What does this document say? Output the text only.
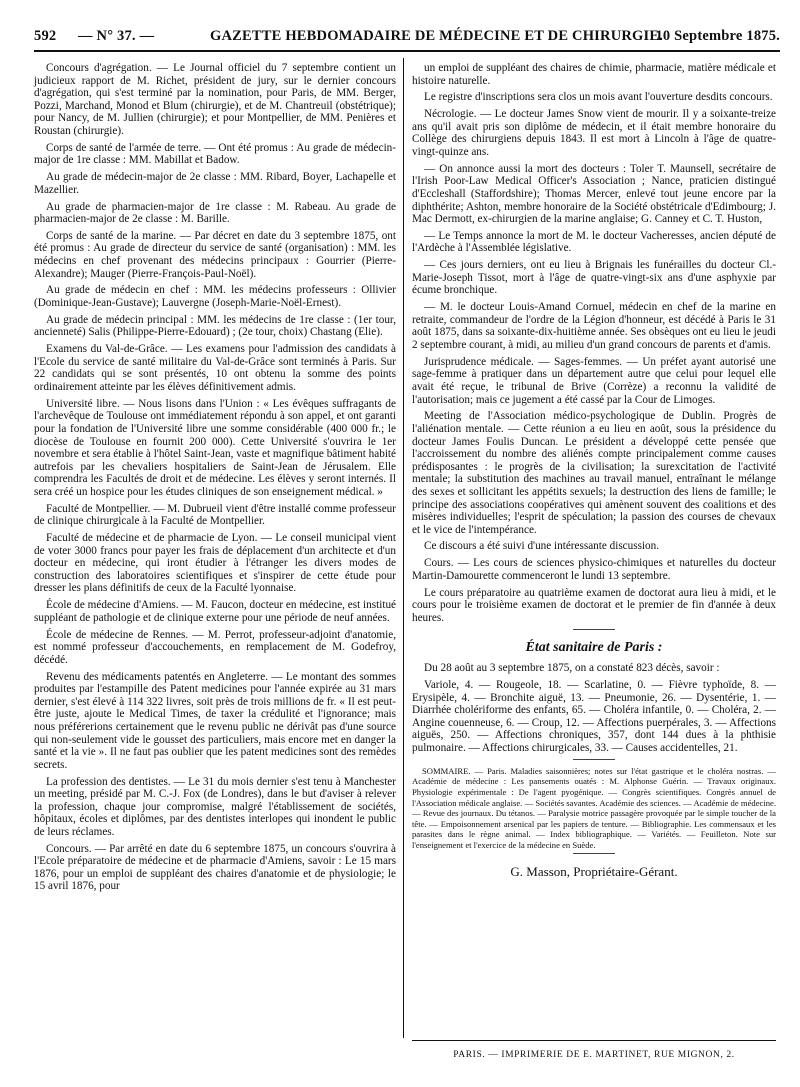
592 — N° 37. —	GAZETTE HEBDOMADAIRE DE MÉDECINE ET DE CHIRURGIE.
10 Septembre 1875.

Concours d'agrégation. — Le Journal officiel du 7 septembre contient un judicieux rapport de M. Richet, président de jury, sur le dernier concours d'agrégation, qui s'est terminé par la nomination, pour Paris, de MM. Berger, Pozzi, Marchand, Monod et Blum (chirurgie), et de M. Chantreuil (obstétrique); pour Nancy, de M. Jullien (chirurgie); et pour Montpellier, de MM. Penières et Roustan (chirurgie).

Corps de santé de l'armée de terre. — Ont été promus : Au grade de médecin-major de 1re classe : MM. Mabillat et Badow.

Au grade de médecin-major de 2e classe : MM. Ribard, Boyer, Lachapelle et Mazellier.

Au grade de pharmacien-major de 1re classe : M. Rabeau. Au grade de pharmacien-major de 2e classe : M. Barille.

Corps de santé de la marine. — Par décret en date du 3 septembre 1875, ont été promus : Au grade de directeur du service de santé (organisation) : MM. les médecins en chef provenant des médecins principaux : Gourrier (Pierre-Alexandre); Mauger (Pierre-François-Paul-Noël).

Au grade de médecin en chef : MM. les médecins professeurs : Ollivier (Dominique-Jean-Gustave); Lauvergne (Joseph-Marie-Noël-Ernest).

Au grade de médecin principal : MM. les médecins de 1re classe : (1er tour, ancienneté) Salis (Philippe-Pierre-Edouard) ; (2e tour, choix) Chastang (Elie).

Examens du Val-de-Grâce. — Les examens pour l'admission des candidats à l'Ecole du service de santé militaire du Val-de-Grâce sont terminés à Paris. Sur 22 candidats qui se sont présentés, 10 ont obtenu la somme des points ordinairement atteinte par les élèves définitivement admis.

Université libre. — Nous lisons dans l'Union : « Les évêques suffragants de l'archevêque de Toulouse ont immédiatement répondu à son appel, et ont garanti pour la fondation de l'Université libre une somme considérable (400 000 fr.; le diocèse de Toulouse en fournit 200 000). Cette Université s'ouvrira le 1er novembre et sera établie à l'hôtel Saint-Jean, vaste et magnifique bâtiment habité autrefois par les chevaliers hospitaliers de Saint-Jean de Jérusalem. Elle comprendra les Facultés de droit et de médecine. Les élèves y seront internés. Il sera créé un hospice pour les études cliniques de son enseignement médical. »

Faculté de Montpellier. — M. Dubrueil vient d'être installé comme professeur de clinique chirurgicale à la Faculté de Montpellier.

Faculté de médecine et de pharmacie de Lyon. — Le conseil municipal vient de voter 3000 francs pour payer les frais de déplacement d'un architecte et d'un docteur en médecine, qui iront étudier à l'étranger les divers modes de construction des laboratoires scientifiques et s'inspirer de cette étude pour dresser les plans définitifs de ceux de la Faculté lyonnaise.

École de médecine d'Amiens. — M. Faucon, docteur en médecine, est institué suppléant de pathologie et de clinique externe pour une période de neuf années.

École de médecine de Rennes. — M. Perrot, professeur-adjoint d'anatomie, est nommé professeur d'accouchements, en remplacement de M. Godefroy, décédé.

Revenu des médicaments patentés en Angleterre. — Le montant des sommes produites par l'estampille des Patent medicines pour l'année expirée au 31 mars dernier, s'est élevé à 114 322 livres, soit près de trois millions de fr. « Il est peut-être juste, ajoute le Medical Times, de taxer la crédulité et l'ignorance; mais nous préférerions certainement que le revenu public ne dérivât pas d'une source qui non-seulement vide le gousset des particuliers, mais encore met en danger la santé et la vie ». Il ne faut pas oublier que les patent medicines sont des remèdes secrets.

La profession des dentistes. — Le 31 du mois dernier s'est tenu à Manchester un meeting, présidé par M. C.-J. Fox (de Londres), dans le but d'aviser à relever la profession, chaque jour compromise, malgré l'établissement de sociétés, hôpitaux, écoles et diplômes, par des dentistes interlopes qui inondent le public de leurs réclames.

Concours. — Par arrêté en date du 6 septembre 1875, un concours s'ouvrira à l'Ecole préparatoire de médecine et de pharmacie d'Amiens, savoir : Le 15 mars 1876, pour un emploi de suppléant des chaires d'anatomie et de physiologie; le 15 avril 1876, pour

un emploi de suppléant des chaires de chimie, pharmacie, matière médicale et histoire naturelle.

Le registre d'inscriptions sera clos un mois avant l'ouverture desdits concours.

Nécrologie. — Le docteur James Snow vient de mourir. Il y a soixante-treize ans qu'il avait pris son diplôme de médecin, et il était membre honoraire du Collège des chirurgiens depuis 1843. Il est mort à Lincoln à l'âge de quatre-vingt-quinze ans.

— On annonce aussi la mort des docteurs : Toler T. Maunsell, secrétaire de l'Irish Poor-Law Medical Officer's Association ; Nance, praticien distingué d'Eccleshall (Staffordshire); Thomas Mercer, enlevé tout jeune encore par la diphthérite; Ashton, membre honoraire de la Société obstétricale d'Edimbourg; J. Mac Dermott, ex-chirurgien de la marine anglaise; G. Canney et C. T. Huston,

— Le Temps annonce la mort de M. le docteur Vacheresses, ancien député de l'Ardèche à l'Assemblée législative.

— Ces jours derniers, ont eu lieu à Brignais les funérailles du docteur Cl.-Marie-Joseph Tissot, mort à l'âge de quatre-vingt-six ans d'une asphyxie par écume bronchique.

— M. le docteur Louis-Amand Cornuel, médecin en chef de la marine en retraite, commandeur de l'ordre de la Légion d'honneur, est décédé à Paris le 31 août 1875, dans sa soixante-dix-huitième année. Ses obsèques ont eu lieu le jeudi 2 septembre courant, à midi, au milieu d'un grand concours de parents et d'amis.

Jurisprudence médicale. — Sages-femmes. — Un préfet ayant autorisé une sage-femme à pratiquer dans un département autre que celui pour lequel elle avait été reçue, le tribunal de Brive (Corrèze) a reconnu la validité de l'autorisation; mais ce jugement a été cassé par la Cour de Limoges.

Meeting de l'Association médico-psychologique de Dublin. Progrès de l'aliénation mentale. — Cette réunion a eu lieu en août, sous la présidence du docteur James Foulis Duncan. Le président a développé cette pensée que l'accroissement du nombre des aliénés compte principalement comme causes prédisposantes : le progrès de la civilisation; la surexcitation de l'activité mentale; la substitution des machines au travail manuel, entraînant le mélange des sexes et sollicitant les appétits sexuels; la destruction des liens de famille; le principe des associations coopératives qui amènent souvent des coalitions et des misères individuelles; l'esprit de spéculation; la passion des courses de chevaux et le vice de l'intempérance.

Ce discours a été suivi d'une intéressante discussion.

Cours. — Les cours de sciences physico-chimiques et naturelles du docteur Martin-Damourette commenceront le lundi 13 septembre.

Le cours préparatoire au quatrième examen de doctorat aura lieu à midi, et le cours pour le troisième examen de doctorat et le premier de fin d'année à deux heures.

État sanitaire de Paris :

Du 28 août au 3 septembre 1875, on a constaté 823 décès, savoir :

Variole, 4. — Rougeole, 18. — Scarlatine, 0. — Fièvre typhoïde, 8. — Erysipèle, 4. — Bronchite aiguë, 13. — Pneumonie, 26. — Dysentérie, 1. — Diarrhée cholériforme des enfants, 65. — Choléra infantile, 0. — Choléra, 2. — Angine couenneuse, 6. — Croup, 12. — Affections puerpérales, 3. — Affections aiguës, 250. — Affections chroniques, 357, dont 144 dues à la phthisie pulmonaire. — Affections chirurgicales, 33. — Causes accidentelles, 21.

SOMMAIRE. — Paris. Maladies saisonnières; notes sur l'état gastrique et le choléra nostras. — Académie de médecine : Les pansements ouatés : M. Alphonse Guérin. — Travaux originaux. Physiologie expérimentale : De l'agent pyogénique. — Congrès scientifiques. Congrès annuel de l'Association médicale anglaise. — Sociétés savantes. Académie des sciences. — Académie de médecine. — Revue des journaux. Du tétanos. — Paralysie motrice passagère provoquée par le simple toucher de la tête. — Empoisonnement arsenical par les papiers de tenture. — Bibliographie. Les commensaux et les parasites dans le règne animal. — Index bibliographique. — Variétés. — Feuilleton. Note sur l'enseignement et l'exercice de la médecine en Suède.

G. Masson, Propriétaire-Gérant.

PARIS. — IMPRIMERIE DE E. MARTINET, RUE MIGNON, 2.
